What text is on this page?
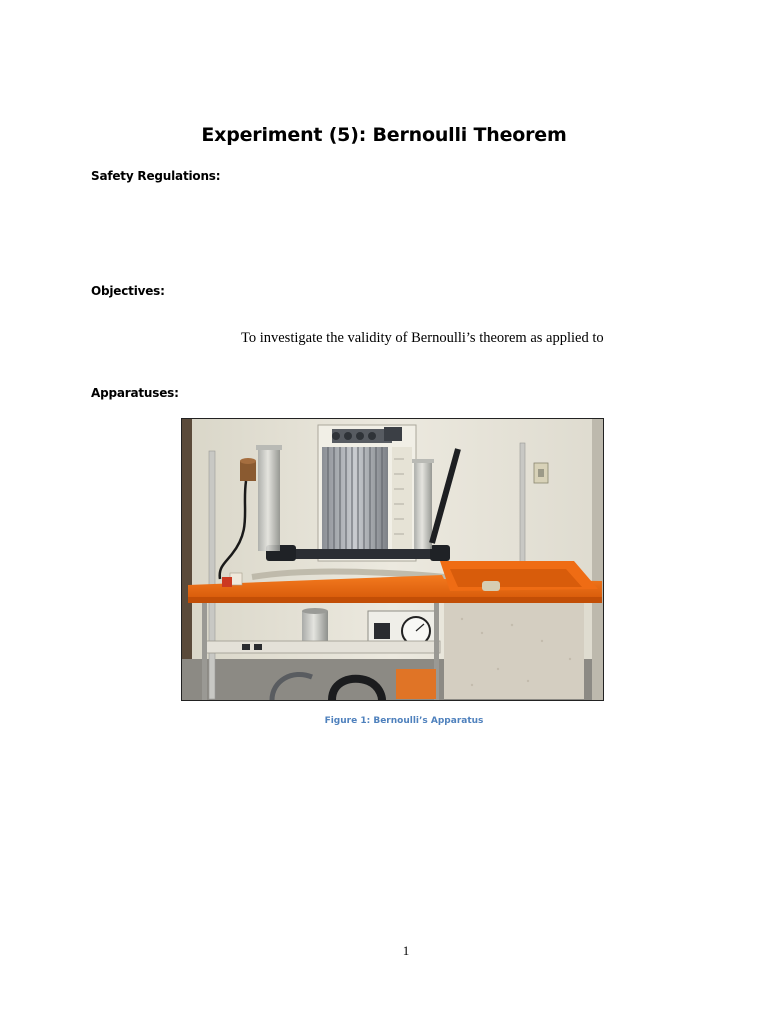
Experiment (5): Bernoulli Theorem
Safety Regulations:
Objectives:
To investigate the validity of Bernoulli’s theorem as applied to
Apparatuses:
Figure 1: Bernoulli’s Apparatus
1
